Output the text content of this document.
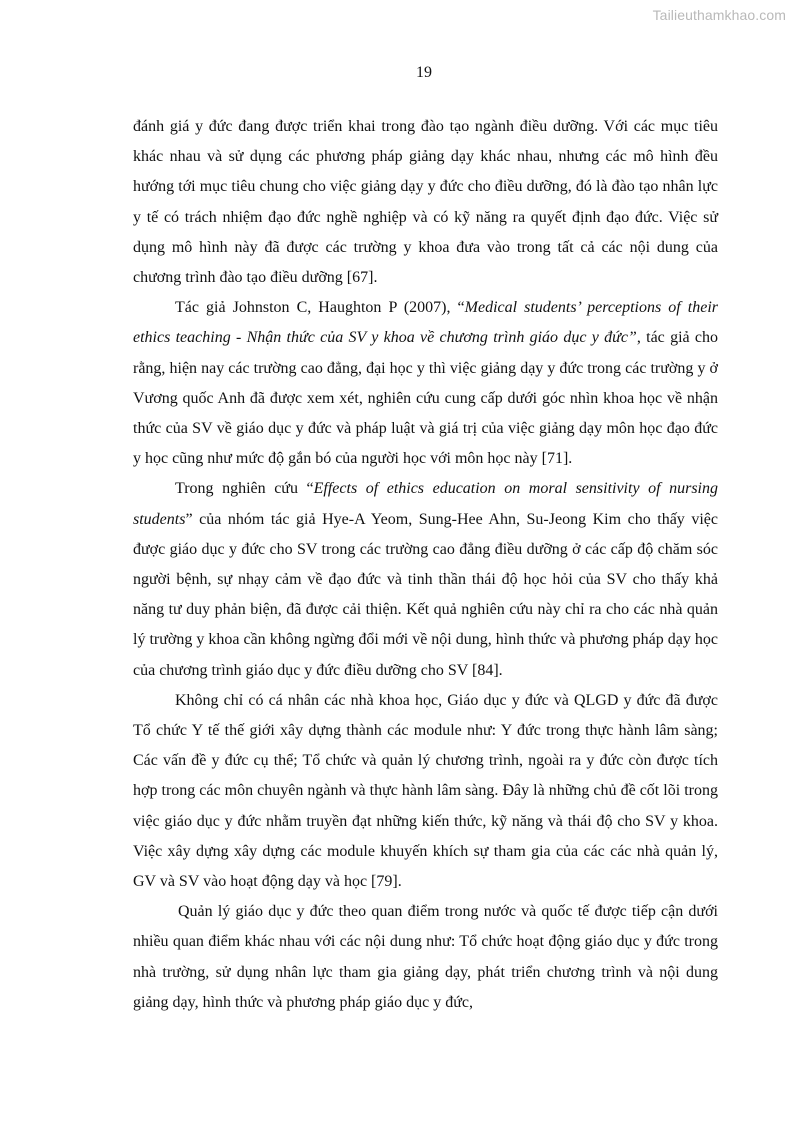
Tailieuthamkhao.com
19

đánh giá y đức đang được triển khai trong đào tạo ngành điều dưỡng. Với các mục tiêu khác nhau và sử dụng các phương pháp giảng dạy khác nhau, nhưng các mô hình đều hướng tới mục tiêu chung cho việc giảng dạy y đức cho điều dưỡng, đó là đào tạo nhân lực y tế có trách nhiệm đạo đức nghề nghiệp và có kỹ năng ra quyết định đạo đức. Việc sử dụng mô hình này đã được các trường y khoa đưa vào trong tất cả các nội dung của chương trình đào tạo điều dưỡng [67].

Tác giả Johnston C, Haughton P (2007), “Medical students’ perceptions of their ethics teaching - Nhận thức của SV y khoa về chương trình giáo dục y đức”, tác giả cho rằng, hiện nay các trường cao đẳng, đại học y thì việc giảng dạy y đức trong các trường y ở Vương quốc Anh đã được xem xét, nghiên cứu cung cấp dưới góc nhìn khoa học về nhận thức của SV về giáo dục y đức và pháp luật và giá trị của việc giảng dạy môn học đạo đức y học cũng như mức độ gắn bó của người học với môn học này [71].

Trong nghiên cứu “Effects of ethics education on moral sensitivity of nursing students” của nhóm tác giả Hye-A Yeom, Sung-Hee Ahn, Su-Jeong Kim cho thấy việc được giáo dục y đức cho SV trong các trường cao đẳng điều dưỡng ở các cấp độ chăm sóc người bệnh, sự nhạy cảm về đạo đức và tinh thần thái độ học hỏi của SV cho thấy khả năng tư duy phản biện, đã được cải thiện. Kết quả nghiên cứu này chỉ ra cho các nhà quản lý trường y khoa cần không ngừng đổi mới về nội dung, hình thức và phương pháp dạy học của chương trình giáo dục y đức điều dưỡng cho SV [84].

Không chỉ có cá nhân các nhà khoa học, Giáo dục y đức và QLGD y đức đã được Tổ chức Y tế thế giới xây dựng thành các module như: Y đức trong thực hành lâm sàng; Các vấn đề y đức cụ thể; Tổ chức và quản lý chương trình, ngoài ra y đức còn được tích hợp trong các môn chuyên ngành và thực hành lâm sàng. Đây là những chủ đề cốt lõi trong việc giáo dục y đức nhằm truyền đạt những kiến thức, kỹ năng và thái độ cho SV y khoa. Việc xây dựng xây dựng các module khuyến khích sự tham gia của các các nhà quản lý, GV và SV vào hoạt động dạy và học [79].

Quản lý giáo dục y đức theo quan điểm trong nước và quốc tế được tiếp cận dưới nhiều quan điểm khác nhau với các nội dung như: Tổ chức hoạt động giáo dục y đức trong nhà trường, sử dụng nhân lực tham gia giảng dạy, phát triển chương trình và nội dung giảng dạy, hình thức và phương pháp giáo dục y đức,
